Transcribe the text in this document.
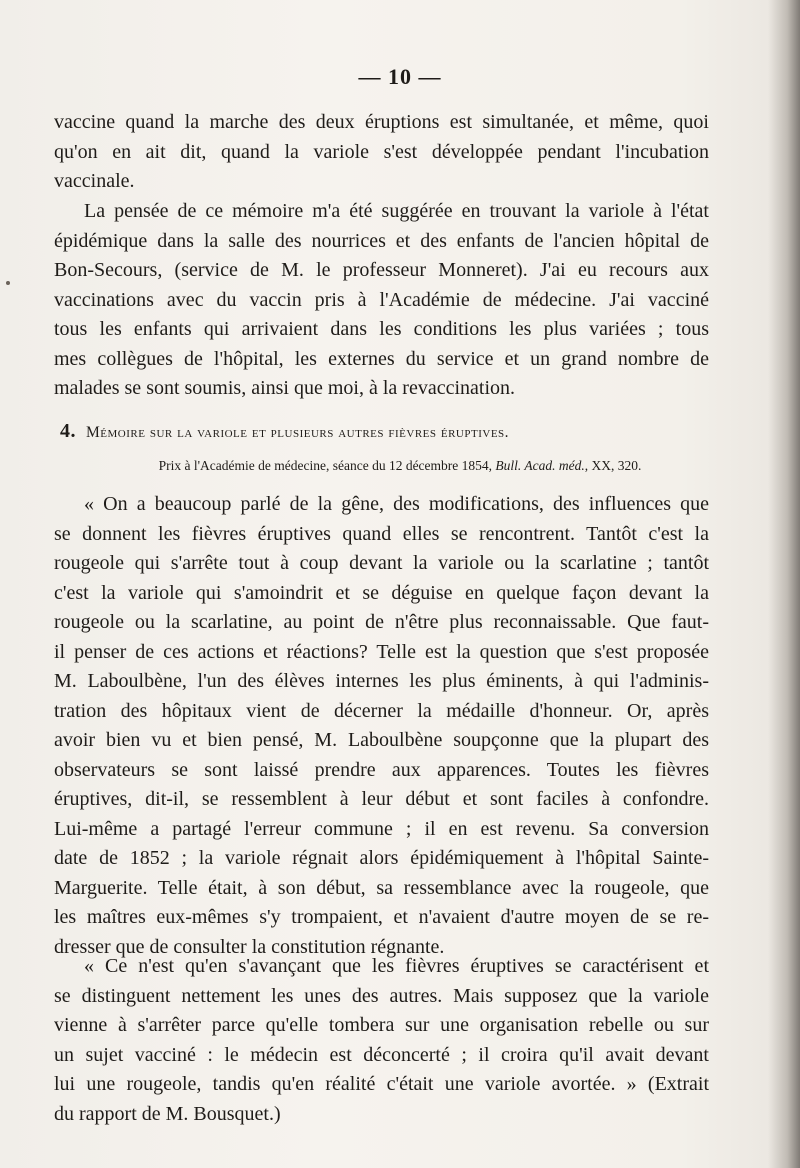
— 10 —
vaccine quand la marche des deux éruptions est simultanée, et même, quoi
qu'on en ait dit, quand la variole s'est développée pendant l'incubation
vaccinale.
La pensée de ce mémoire m'a été suggérée en trouvant la variole à l'état
épidémique dans la salle des nourrices et des enfants de l'ancien hôpital de
Bon-Secours, (service de M. le professeur Monneret). J'ai eu recours aux
vaccinations avec du vaccin pris à l'Académie de médecine. J'ai vacciné
tous les enfants qui arrivaient dans les conditions les plus variées ; tous
mes collègues de l'hôpital, les externes du service et un grand nombre de
malades se sont soumis, ainsi que moi, à la revaccination.
4. Mémoire sur la variole et plusieurs autres fièvres éruptives.
Prix à l'Académie de médecine, séance du 12 décembre 1854, Bull. Acad. méd., XX, 320.
« On a beaucoup parlé de la gêne, des modifications, des influences que
se donnent les fièvres éruptives quand elles se rencontrent. Tantôt c'est la
rougeole qui s'arrête tout à coup devant la variole ou la scarlatine ; tantôt
c'est la variole qui s'amoindrit et se déguise en quelque façon devant la
rougeole ou la scarlatine, au point de n'être plus reconnaissable. Que faut-
il penser de ces actions et réactions? Telle est la question que s'est proposée
M. Laboulbène, l'un des élèves internes les plus éminents, à qui l'adminis-
tration des hôpitaux vient de décerner la médaille d'honneur. Or, après
avoir bien vu et bien pensé, M. Laboulbène soupçonne que la plupart des
observateurs se sont laissé prendre aux apparences. Toutes les fièvres
éruptives, dit-il, se ressemblent à leur début et sont faciles à confondre.
Lui-même a partagé l'erreur commune ; il en est revenu. Sa conversion
date de 1852 ; la variole régnait alors épidémiquement à l'hôpital Sainte-
Marguerite. Telle était, à son début, sa ressemblance avec la rougeole, que
les maîtres eux-mêmes s'y trompaient, et n'avaient d'autre moyen de se re-
dresser que de consulter la constitution régnante.
« Ce n'est qu'en s'avançant que les fièvres éruptives se caractérisent et
se distinguent nettement les unes des autres. Mais supposez que la variole
vienne à s'arrêter parce qu'elle tombera sur une organisation rebelle ou sur
un sujet vacciné : le médecin est déconcerté ; il croira qu'il avait devant
lui une rougeole, tandis qu'en réalité c'était une variole avortée. » (Extrait
du rapport de M. Bousquet.)
